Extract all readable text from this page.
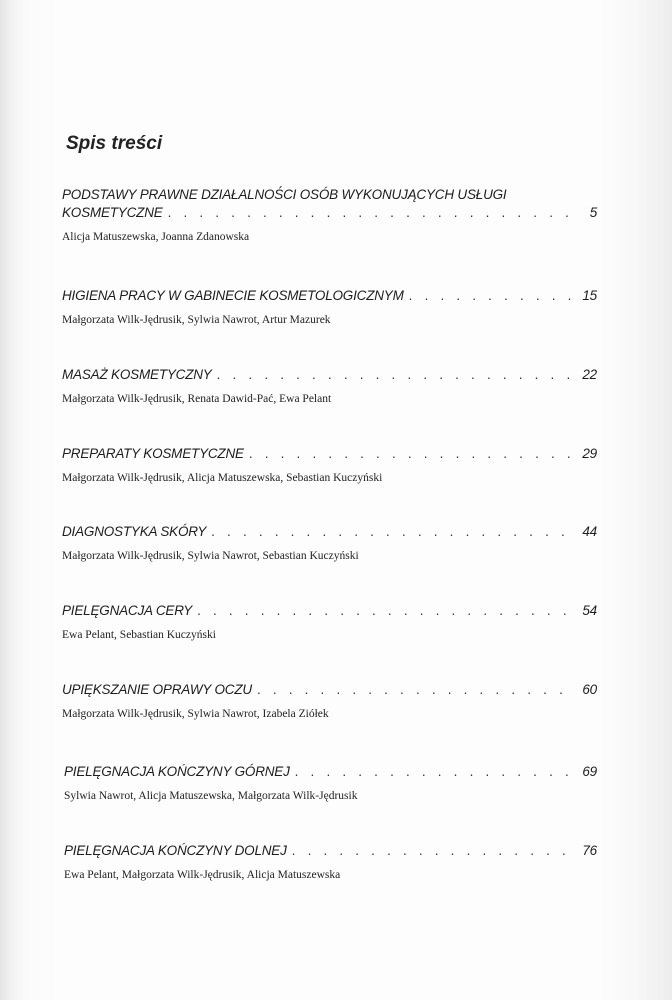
Spis treści
PODSTAWY PRAWNE DZIAŁALNOŚCI OSÓB WYKONUJĄCYCH USŁUGI
KOSMETYCZNE . . .	5
Alicja Matuszewska, Joanna Zdanowska
HIGIENA PRACY W GABINECIE KOSMETOLOGICZNYM . . .	15
Małgorzata Wilk-Jędrusik, Sylwia Nawrot, Artur Mazurek
MASAŻ KOSMETYCZNY . . .	22
Małgorzata Wilk-Jędrusik, Renata Dawid-Pać, Ewa Pelant
PREPARATY KOSMETYCZNE . . .	29
Małgorzata Wilk-Jędrusik, Alicja Matuszewska, Sebastian Kuczyński
DIAGNOSTYKA SKÓRY . . .	44
Małgorzata Wilk-Jędrusik, Sylwia Nawrot, Sebastian Kuczyński
PIELĘGNACJA CERY . . .	54
Ewa Pelant, Sebastian Kuczyński
UPIĘKSZANIE OPRAWY OCZU . . .	60
Małgorzata Wilk-Jędrusik, Sylwia Nawrot, Izabela Ziółek
PIELĘGNACJA KOŃCZYNY GÓRNEJ . . .	69
Sylwia Nawrot, Alicja Matuszewska, Małgorzata Wilk-Jędrusik
PIELĘGNACJA KOŃCZYNY DOLNEJ . . .	76
Ewa Pelant, Małgorzata Wilk-Jędrusik, Alicja Matuszewska
